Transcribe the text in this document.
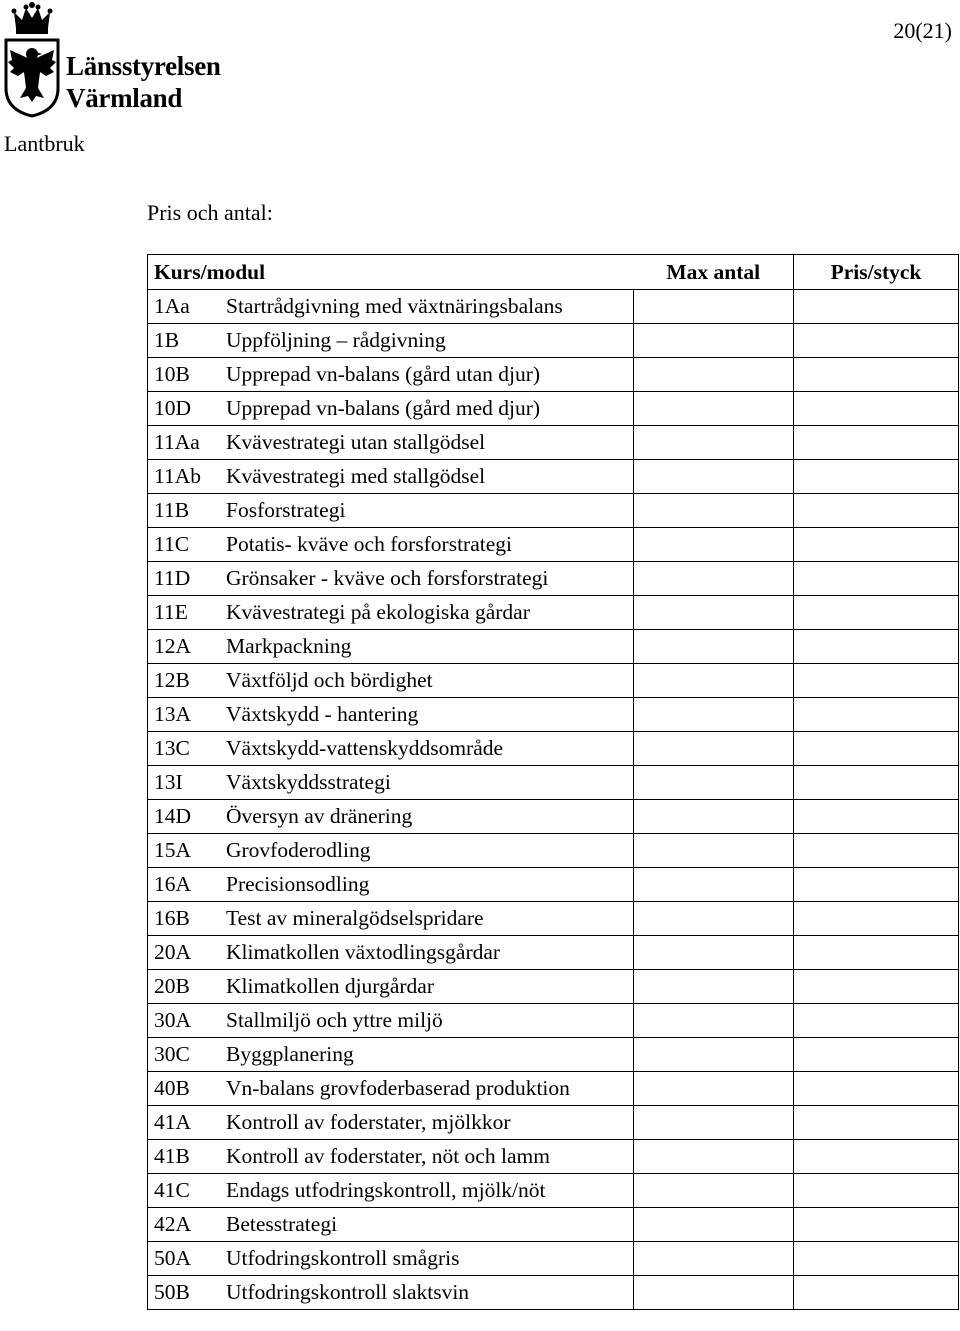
Länsstyrelsen
Värmland
20(21)
Lantbruk
Pris och antal:
Kurs/modul	Max antal	Pris/styck
1Aa Startrådgivning med växtnäringsbalans		
1B Uppföljning – rådgivning		
10B Upprepad vn-balans (gård utan djur)		
10D Upprepad vn-balans (gård med djur)		
11Aa Kvävestrategi utan stallgödsel		
11Ab Kvävestrategi med stallgödsel		
11B Fosforstrategi		
11C Potatis- kväve och forsforstrategi		
11D Grönsaker - kväve och forsforstrategi		
11E Kvävestrategi på ekologiska gårdar		
12A Markpackning		
12B Växtföljd och bördighet		
13A Växtskydd - hantering		
13C Växtskydd-vattenskyddsområde		
13I Växtskyddsstrategi		
14D Översyn av dränering		
15A Grovfoderodling		
16A Precisionsodling		
16B Test av mineralgödselspridare		
20A Klimatkollen växtodlingsgårdar		
20B Klimatkollen djurgårdar		
30A Stallmiljö och yttre miljö		
30C Byggplanering		
40B Vn-balans grovfoderbaserad produktion		
41A Kontroll av foderstater, mjölkkor		
41B Kontroll av foderstater, nöt och lamm		
41C Endags utfodringskontroll, mjölk/nöt		
42A Betesstrategi		
50A Utfodringskontroll smågris		
50B Utfodringskontroll slaktsvin		
